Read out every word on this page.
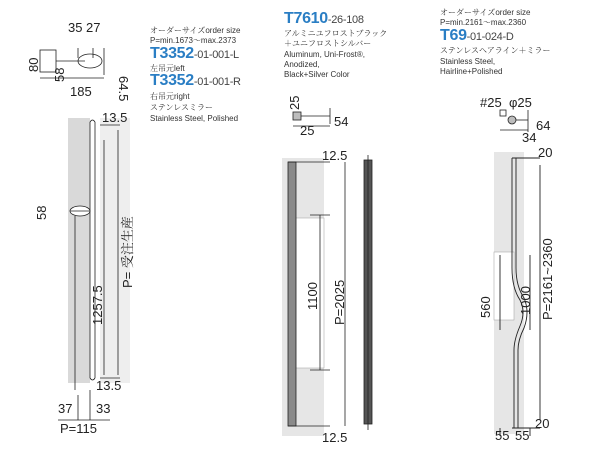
35 27
80
58
64.5
185
13.5
58
1257.5
P= 受注生産
13.5
37 33
P=115
25
25
54
12.5
1100 P=2025
12.5
#25 φ25
64
34
20
560 1000 P=2161~2360
20
55 55
オーダーサイズorder size
P=min.1673～max.2373
T3352-01-001-L
左吊元left
T3352-01-001-R
右吊元right
ステンレスミラー
Stainless Steel, Polished
T7610-26-108
アルミニユフロストブラック
＋ユニフロストシルバー
Aluminum, Uni-Frost®,
Anodized,
Black+Silver Color
オーダーサイズorder size
P=min.2161～max.2360
T69-01-024-D
ステンレスヘアライン＋ミラー
Stainless Steel,
Hairline+Polished
